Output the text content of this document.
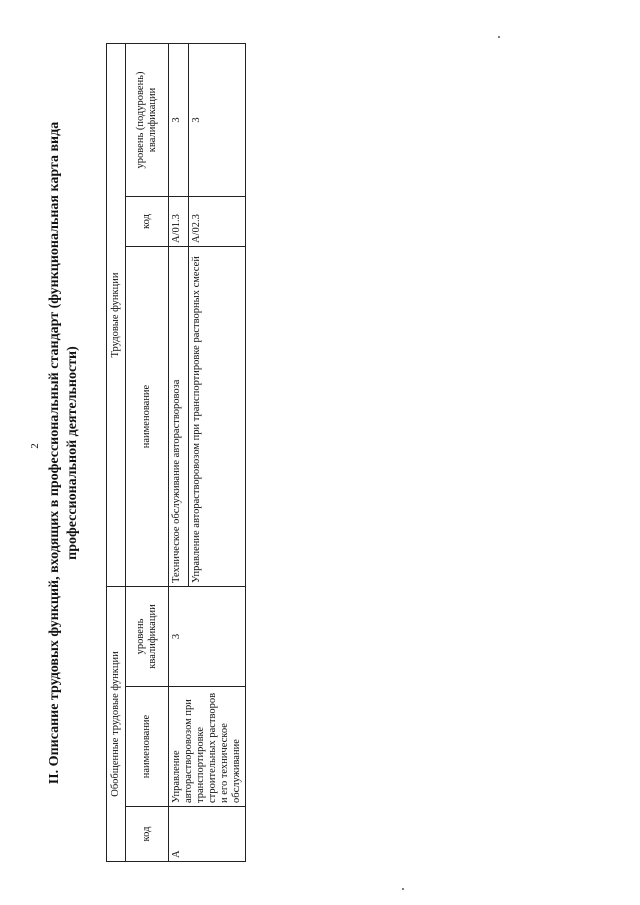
2 II. Описание трудовых функций, входящих в профессиональный стандарт (функциональная карта вида профессиональной деятельности)
Обобщенные трудовые функции			Трудовые функции		
код	наименование	уровень квалификации	наименование	код	уровень (подуровень) квалификации
A	Управление авторастворовозом при транспортировке строительных растворов и его техническое обслуживание	3	Техническое обслуживание авторастворовоза	A/01.3	3
			Управление авторастворовозом при транспортировке растворных смесей	A/02.3	3
